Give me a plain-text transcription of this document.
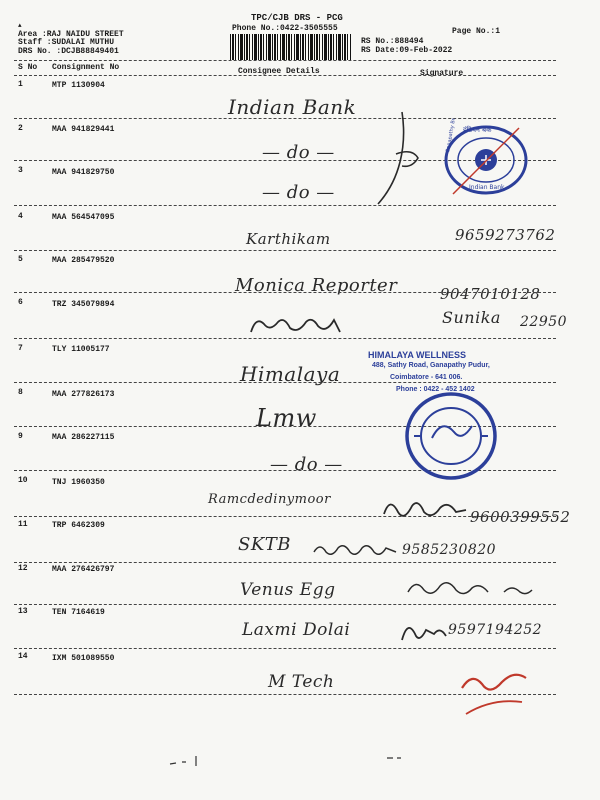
TPC/CJB DRS - PCG
Phone No.:0422-3505555
▲
Area :RAJ NAIDU STREET
Staff :SUDALAI MUTHU
DRS No. :DCJB88849401
Page No.:1
RS No.:888494
RS Date:09-Feb-2022
S No Consignment No	Consignee Details	Signature
1	MTP 1130904
Indian Bank
2	MAA 941829441
— do —
3	MAA 941829750
— do —
4	MAA 564547095
Karthikam	9659273762
5	MAA 285479520
Monica Reporter	9047010128
6	TRZ 345079894
Sunika 22950
7	TLY 11005177
Himalaya
8	MAA 277826173
Lmw
9	MAA 286227115
— do —
10	TNJ 1960350
Ramcdedinymoor
9600399552
11	TRP 6462309
SKTB	9585230820
12	MAA 276426797
Venus Egg
13	TEN 7164619
Laxmi Dolai	9597194252
14	IXM 501089550
M Tech
इंडियन बैंक
Indian Bank
Ganapathy Br.
HIMALAYA WELLNESS
488, Sathy Road, Ganapathy Pudur,
Coimbatore - 641 006.
Phone : 0422 - 452 1402
